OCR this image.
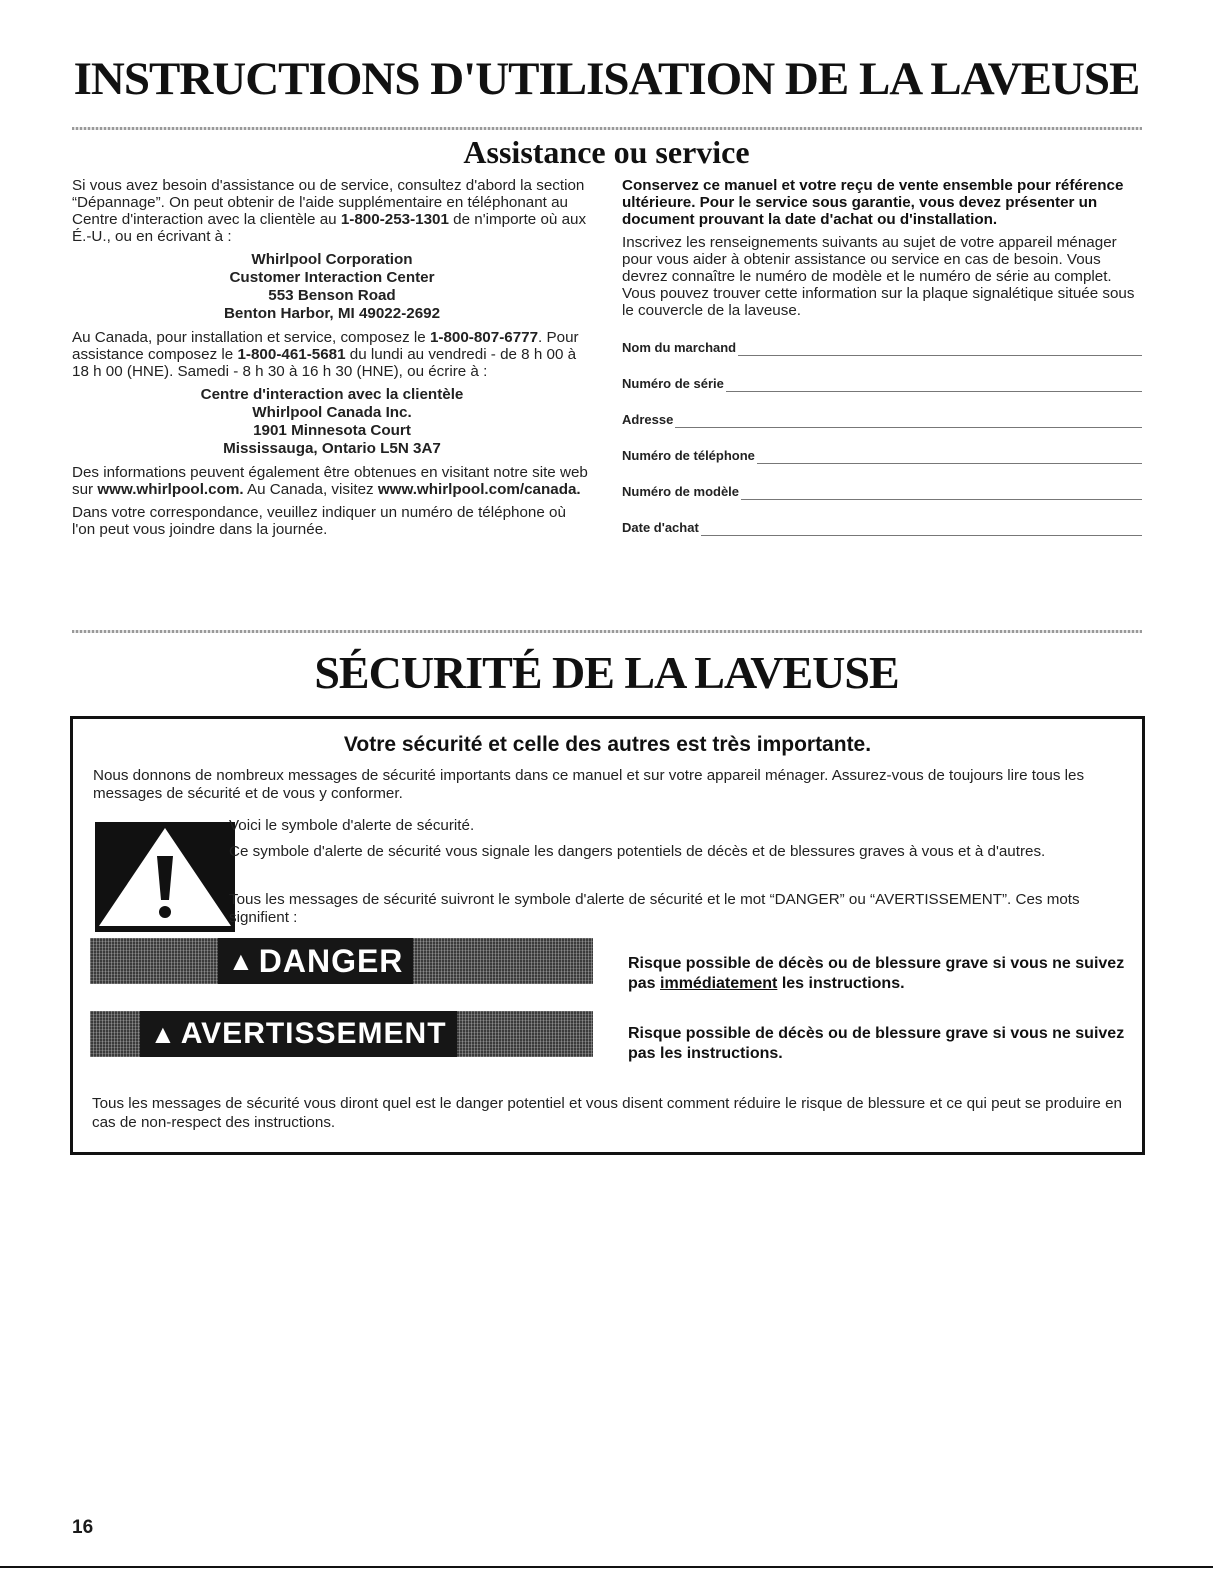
INSTRUCTIONS D'UTILISATION DE LA LAVEUSE
Assistance ou service

Si vous avez besoin d'assistance ou de service, consultez d'abord la section “Dépannage”. On peut obtenir de l'aide supplémentaire en téléphonant au Centre d'interaction avec la clientèle au 1-800-253-1301 de n'importe où aux É.-U., ou en écrivant à :

Whirlpool Corporation
Customer Interaction Center
553 Benson Road
Benton Harbor, MI 49022-2692

Au Canada, pour installation et service, composez le 1-800-807-6777. Pour assistance composez le 1-800-461-5681 du lundi au vendredi - de 8 h 00 à 18 h 00 (HNE). Samedi - 8 h 30 à 16 h 30 (HNE), ou écrire à :

Centre d'interaction avec la clientèle
Whirlpool Canada Inc.
1901 Minnesota Court
Mississauga, Ontario L5N 3A7

Des informations peuvent également être obtenues en visitant notre site web sur www.whirlpool.com. Au Canada, visitez www.whirlpool.com/canada.

Dans votre correspondance, veuillez indiquer un numéro de téléphone où l'on peut vous joindre dans la journée.

Conservez ce manuel et votre reçu de vente ensemble pour référence ultérieure. Pour le service sous garantie, vous devez présenter un document prouvant la date d'achat ou d'installation.

Inscrivez les renseignements suivants au sujet de votre appareil ménager pour vous aider à obtenir assistance ou service en cas de besoin. Vous devrez connaître le numéro de modèle et le numéro de série au complet. Vous pouvez trouver cette information sur la plaque signalétique située sous le couvercle de la laveuse.

Nom du marchand
Numéro de série
Adresse
Numéro de téléphone
Numéro de modèle
Date d'achat
SÉCURITÉ DE LA LAVEUSE

Votre sécurité et celle des autres est très importante.

Nous donnons de nombreux messages de sécurité importants dans ce manuel et sur votre appareil ménager. Assurez-vous de toujours lire tous les messages de sécurité et de vous y conformer.

Voici le symbole d'alerte de sécurité.

Ce symbole d'alerte de sécurité vous signale les dangers potentiels de décès et de blessures graves à vous et à d'autres.

Tous les messages de sécurité suivront le symbole d'alerte de sécurité et le mot “DANGER” ou “AVERTISSEMENT”. Ces mots signifient :

▲ DANGER	Risque possible de décès ou de blessure grave si vous ne suivez pas immédiatement les instructions.

▲ AVERTISSEMENT	Risque possible de décès ou de blessure grave si vous ne suivez pas les instructions.

Tous les messages de sécurité vous diront quel est le danger potentiel et vous disent comment réduire le risque de blessure et ce qui peut se produire en cas de non-respect des instructions.

16
